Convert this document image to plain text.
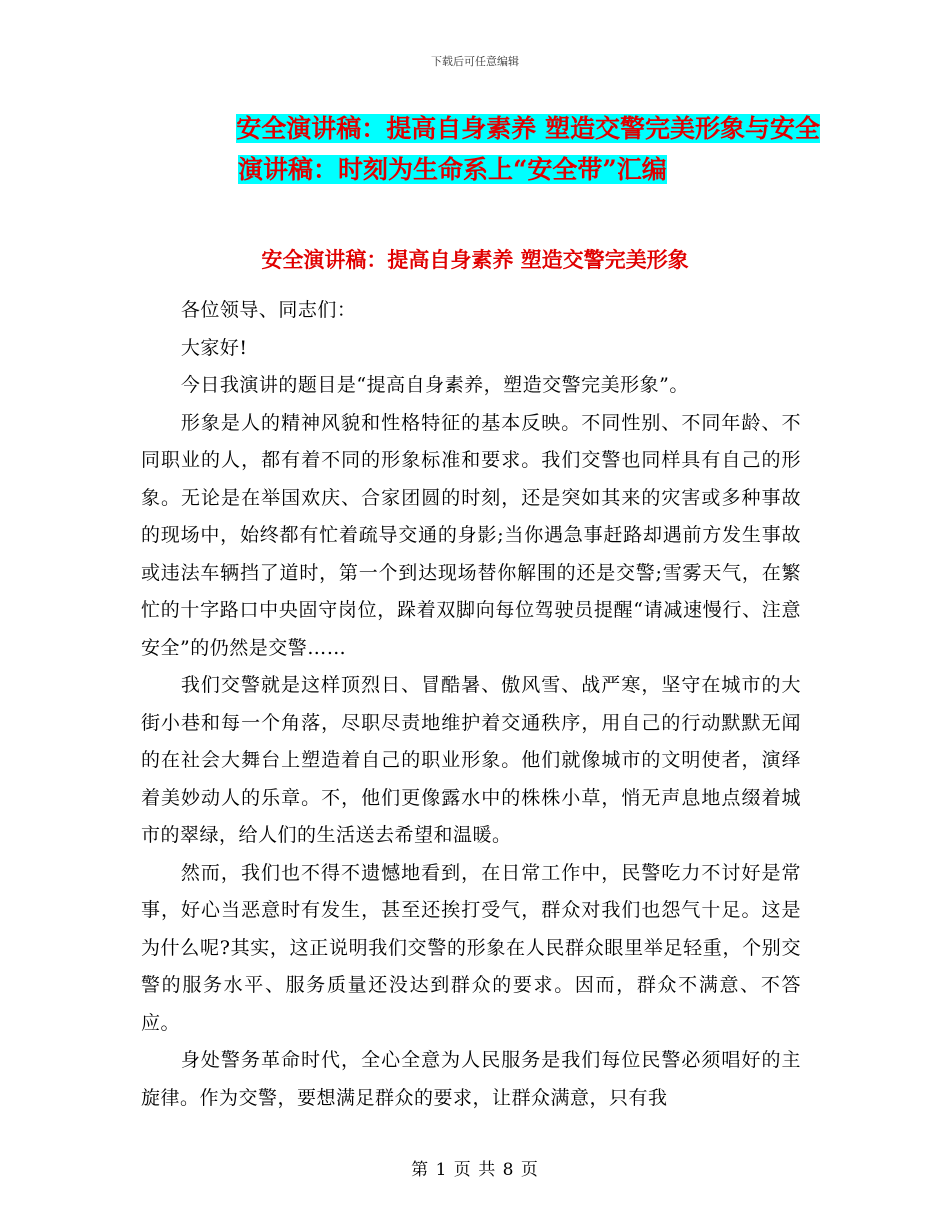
下载后可任意编辑
安全演讲稿：提高自身素养 塑造交警完美形象与安全
演讲稿：时刻为生命系上“安全带”汇编
安全演讲稿：提高自身素养 塑造交警完美形象

各位领导、同志们：

大家好!

今日我演讲的题目是“提高自身素养，塑造交警完美形象”。

形象是人的精神风貌和性格特征的基本反映。不同性别、不同年龄、不同职业的人，都有着不同的形象标准和要求。我们交警也同样具有自己的形象。无论是在举国欢庆、合家团圆的时刻，还是突如其来的灾害或多种事故的现场中，始终都有忙着疏导交通的身影;当你遇急事赶路却遇前方发生事故或违法车辆挡了道时，第一个到达现场替你解围的还是交警;雪雾天气，在繁忙的十字路口中央固守岗位，跺着双脚向每位驾驶员提醒“请减速慢行、注意安全”的仍然是交警……

我们交警就是这样顶烈日、冒酷暑、傲风雪、战严寒，坚守在城市的大街小巷和每一个角落，尽职尽责地维护着交通秩序，用自己的行动默默无闻的在社会大舞台上塑造着自己的职业形象。他们就像城市的文明使者，演绎着美妙动人的乐章。不，他们更像露水中的株株小草，悄无声息地点缀着城市的翠绿，给人们的生活送去希望和温暖。

然而，我们也不得不遗憾地看到，在日常工作中，民警吃力不讨好是常事，好心当恶意时有发生，甚至还挨打受气，群众对我们也怨气十足。这是为什么呢?其实，这正说明我们交警的形象在人民群众眼里举足轻重，个别交警的服务水平、服务质量还没达到群众的要求。因而，群众不满意、不答应。

身处警务革命时代，全心全意为人民服务是我们每位民警必须唱好的主旋律。作为交警，要想满足群众的要求，让群众满意，只有我

第 1 页 共 8 页
